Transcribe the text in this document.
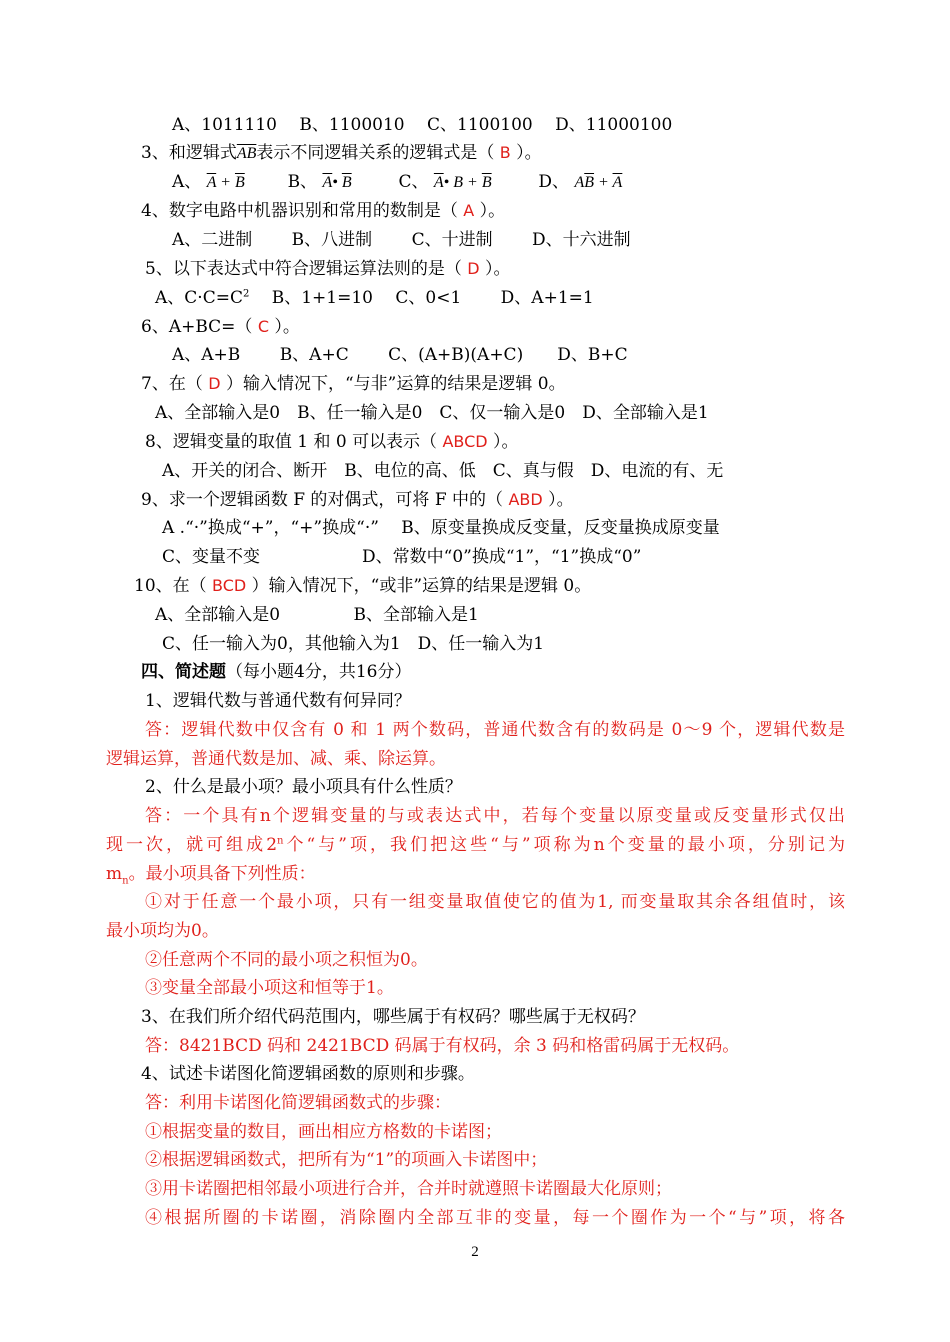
A、1011110　 B、1100010　 C、1100100　 D、11000100
3、和逻辑式$\overline{AB}$表示不同逻辑关系的逻辑式是（ B ）。
A、 $\overline{A} + \overline{B}$	B、 $\overline{A}•$ $\overline{B}$	C、 $\overline{A}•$ $B + \overline{B}$	D、 $A\overline{B} + \overline{A}$
4、数字电路中机器识别和常用的数制是（ A ）。
A、二进制　　 B、八进制　　 C、十进制　　 D、十六进制
5、以下表达式中符合逻辑运算法则的是（ D ）。
A、$C\cdot C=C^2$　 B、1+1=10　 C、0<1　　 D、A+1=1
6、A+BC=（ C ）。
A、A+B　　 B、A+C　　 C、(A+B)(A+C)　　D、B+C
7、在（ D ）输入情况下，“与非”运算的结果是逻辑 0。
A、全部输入是0　B、任一输入是0　C、仅一输入是0　D、全部输入是1
8、逻辑变量的取值 1 和 0 可以表示（ ABCD ）。
A、开关的闭合、断开　B、电位的高、低　C、真与假　D、电流的有、无
9、求一个逻辑函数 F 的对偶式，可将 F 中的（ ABD ）。
A .“·”换成“+”，“+”换成“·”　 B、原变量换成反变量，反变量换成原变量
C、变量不变　　　　　　D、常数中“0”换成“1”，“1”换成“0”
10、在（ BCD ）输入情况下，“或非”运算的结果是逻辑 0。
A、全部输入是0　　　　 B、全部输入是1
C、任一输入为0，其他输入为1　D、任一输入为1
四、简述题（每小题4分，共16分）
1、逻辑代数与普通代数有何异同？
答：逻辑代数中仅含有 0 和 1 两个数码，普通代数含有的数码是 0～9 个，逻辑代数是
逻辑运算，普通代数是加、减、乘、除运算。
2、什么是最小项？最小项具有什么性质？
答：一个具有n个逻辑变量的与或表达式中，若每个变量以原变量或反变量形式仅出
现一次，就可组成2$^n$个“与”项，我们把这些“与”项称为n个变量的最小项，分别记为
$m_n$。最小项具备下列性质：
①对于任意一个最小项，只有一组变量取值使它的值为1, 而变量取其余各组值时，该
最小项均为0。
②任意两个不同的最小项之积恒为0。
③变量全部最小项这和恒等于1。
3、在我们所介绍代码范围内，哪些属于有权码？哪些属于无权码？
答：8421BCD 码和 2421BCD 码属于有权码，余 3 码和格雷码属于无权码。
4、试述卡诺图化简逻辑函数的原则和步骤。
答：利用卡诺图化简逻辑函数式的步骤：
①根据变量的数目，画出相应方格数的卡诺图；
②根据逻辑函数式，把所有为“1”的项画入卡诺图中；
③用卡诺圈把相邻最小项进行合并，合并时就遵照卡诺圈最大化原则；
④根据所圈的卡诺圈，消除圈内全部互非的变量，每一个圈作为一个“与”项，将各
2
